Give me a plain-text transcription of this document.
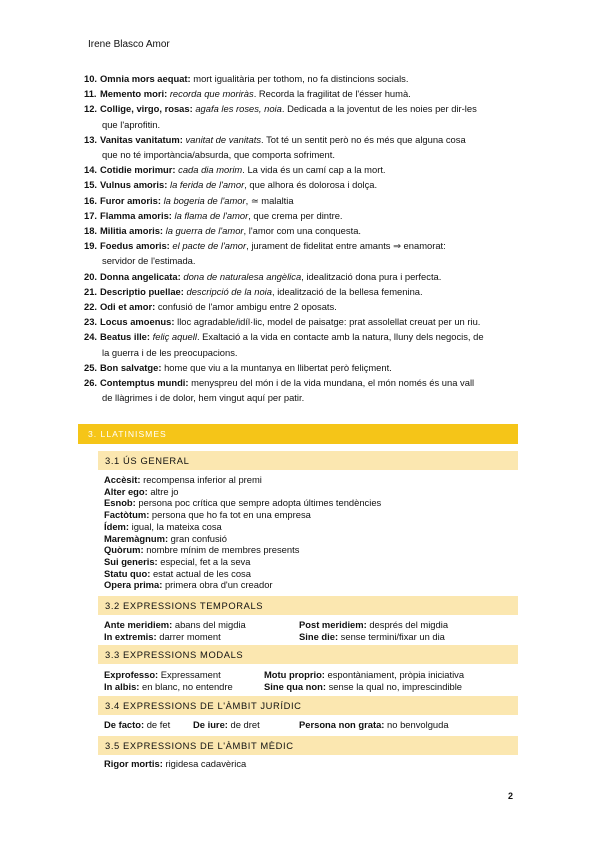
Irene Blasco Amor
10. Omnia mors aequat: mort igualitària per tothom, no fa distincions socials.
11. Memento mori: recorda que moriràs. Recorda la fragilitat de l'ésser humà.
12. Collige, virgo, rosas: agafa les roses, noia. Dedicada a la joventut de les noies per dir-les
que l'aprofitin.
13. Vanitas vanitatum: vanitat de vanitats. Tot té un sentit però no és més que alguna cosa
que no té importància/absurda, que comporta sofriment.
14. Cotidie morimur: cada dia morim. La vida és un camí cap a la mort.
15. Vulnus amoris: la ferida de l'amor, que alhora és dolorosa i dolça.
16. Furor amoris: la bogeria de l'amor, ≃ malaltia
17. Flamma amoris: la flama de l'amor, que crema per dintre.
18. Militia amoris: la guerra de l'amor, l'amor com una conquesta.
19. Foedus amoris: el pacte de l'amor, jurament de fidelitat entre amants ⇒ enamorat:
servidor de l'estimada.
20. Donna angelicata: dona de naturalesa angèlica, idealització dona pura i perfecta.
21. Descriptio puellae: descripció de la noia, idealització de la bellesa femenina.
22. Odi et amor: confusió de l'amor ambigu entre 2 oposats.
23. Locus amoenus: lloc agradable/idíl·lic, model de paisatge: prat assolellat creuat per un riu.
24. Beatus ille: feliç aquell. Exaltació a la vida en contacte amb la natura, lluny dels negocis, de
la guerra i de les preocupacions.
25. Bon salvatge: home que viu a la muntanya en llibertat però feliçment.
26. Contemptus mundi: menyspreu del món i de la vida mundana, el món només és una vall
de llàgrimes i de dolor, hem vingut aquí per patir.
3. LLATINISMES
3.1 ÚS GENERAL
Accèsit: recompensa inferior al premi
Alter ego: altre jo
Esnob: persona poc crítica que sempre adopta últimes tendències
Factòtum: persona que ho fa tot en una empresa
Ídem: igual, la mateixa cosa
Maremàgnum: gran confusió
Quòrum: nombre mínim de membres presents
Sui generis: especial, fet a la seva
Statu quo: estat actual de les cosa
Opera prima: primera obra d'un creador
3.2 EXPRESSIONS TEMPORALS
Ante meridiem: abans del migdia
In extremis: darrer moment
Post meridiem: després del migdia
Sine die: sense termini/fixar un dia
3.3 EXPRESSIONS MODALS
Exprofesso: Expressament
In albis: en blanc, no entendre
Motu proprio: espontàniament, pròpia iniciativa
Sine qua non: sense la qual no, imprescindible
3.4 EXPRESSIONS DE L'ÀMBIT JURÍDIC
De facto: de fet De iure: de dret	Persona non grata: no benvolguda
3.5 EXPRESSIONS DE L'ÀMBIT MÈDIC
Rigor mortis: rigidesa cadavèrica
2
